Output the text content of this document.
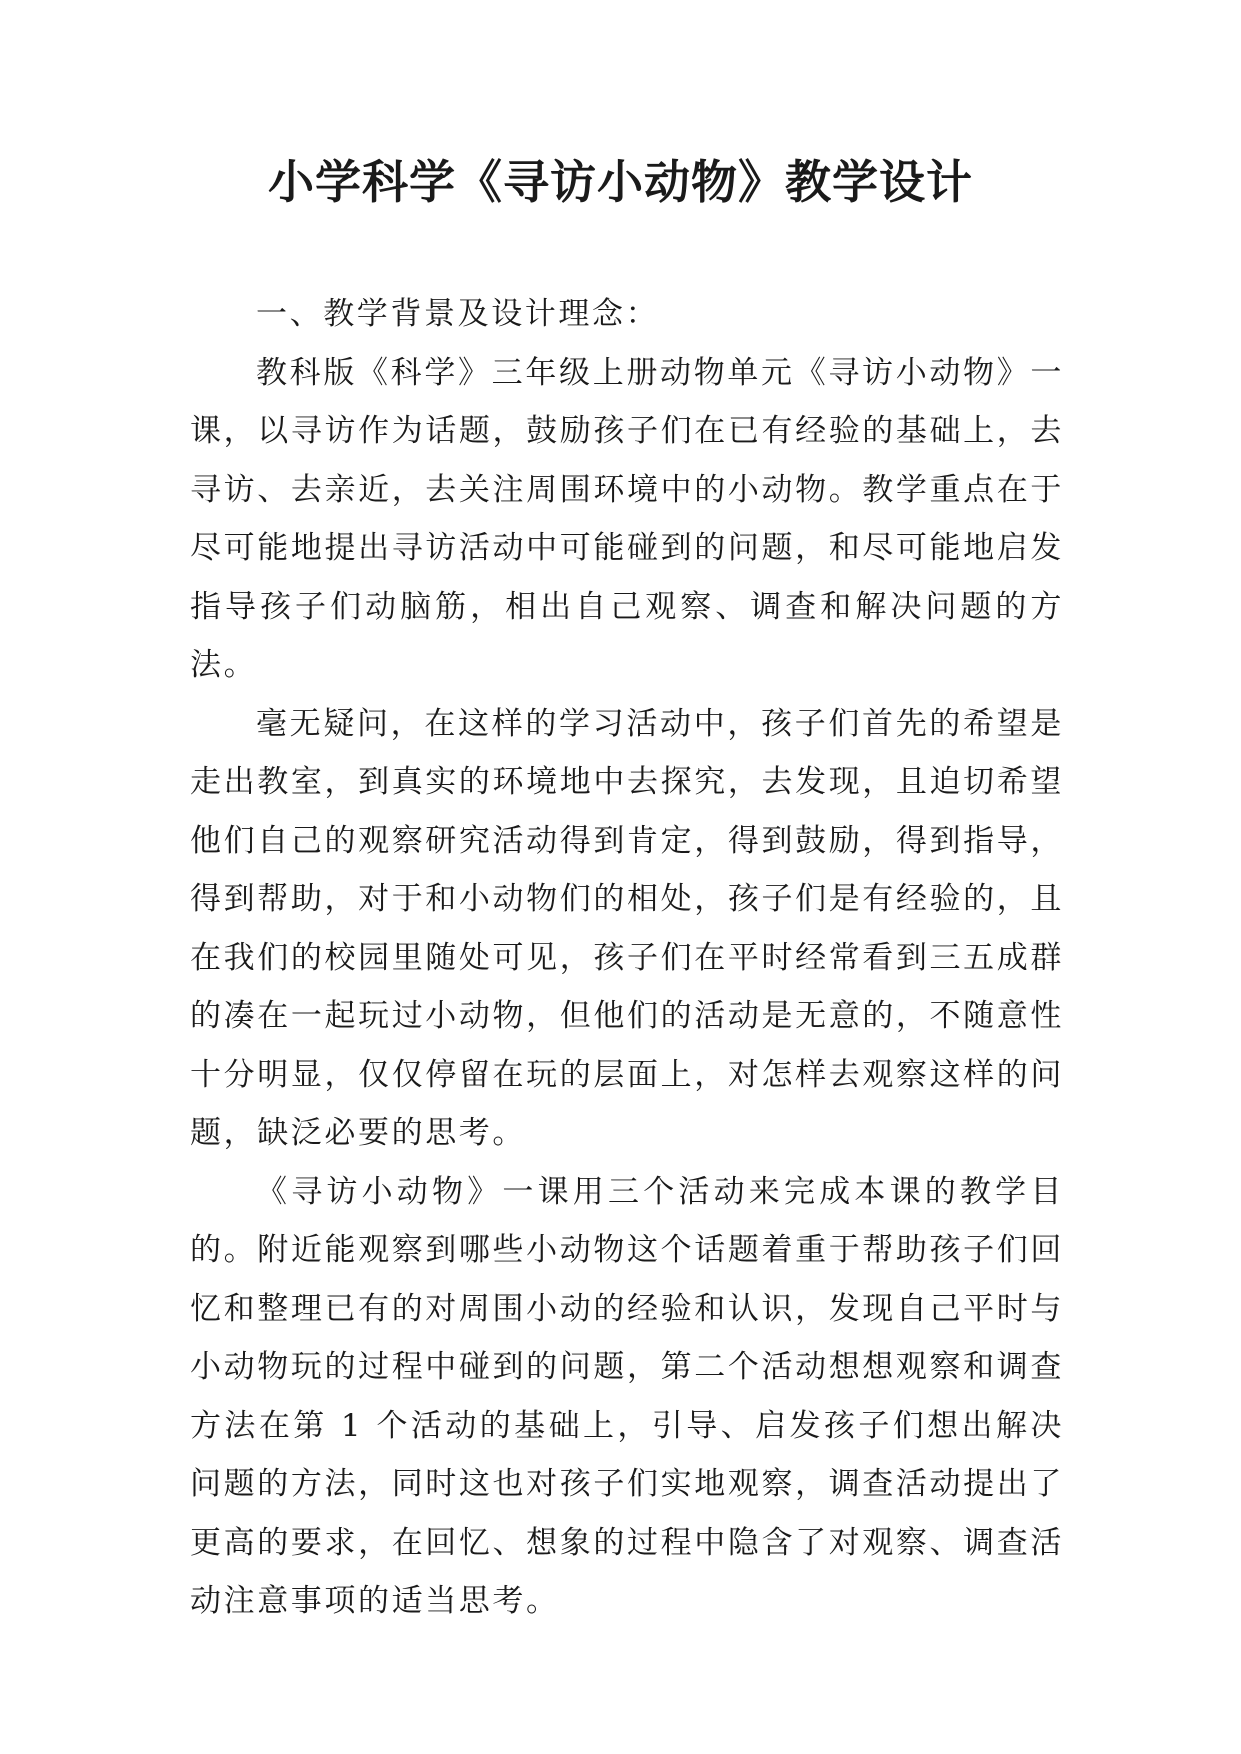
小学科学《寻访小动物》教学设计

一、教学背景及设计理念：

教科版《科学》三年级上册动物单元《寻访小动物》一课，以寻访作为话题，鼓励孩子们在已有经验的基础上，去寻访、去亲近，去关注周围环境中的小动物。教学重点在于尽可能地提出寻访活动中可能碰到的问题，和尽可能地启发指导孩子们动脑筋，相出自己观察、调查和解决问题的方法。

毫无疑问，在这样的学习活动中，孩子们首先的希望是走出教室，到真实的环境地中去探究，去发现，且迫切希望他们自己的观察研究活动得到肯定，得到鼓励，得到指导，得到帮助，对于和小动物们的相处，孩子们是有经验的，且在我们的校园里随处可见，孩子们在平时经常看到三五成群的凑在一起玩过小动物，但他们的活动是无意的，不随意性十分明显，仅仅停留在玩的层面上，对怎样去观察这样的问题，缺泛必要的思考。

《寻访小动物》一课用三个活动来完成本课的教学目的。附近能观察到哪些小动物这个话题着重于帮助孩子们回忆和整理已有的对周围小动的经验和认识，发现自己平时与小动物玩的过程中碰到的问题，第二个活动想想观察和调查方法在第 1 个活动的基础上，引导、启发孩子们想出解决问题的方法，同时这也对孩子们实地观察，调查活动提出了更高的要求，在回忆、想象的过程中隐含了对观察、调查活动注意事项的适当思考。
